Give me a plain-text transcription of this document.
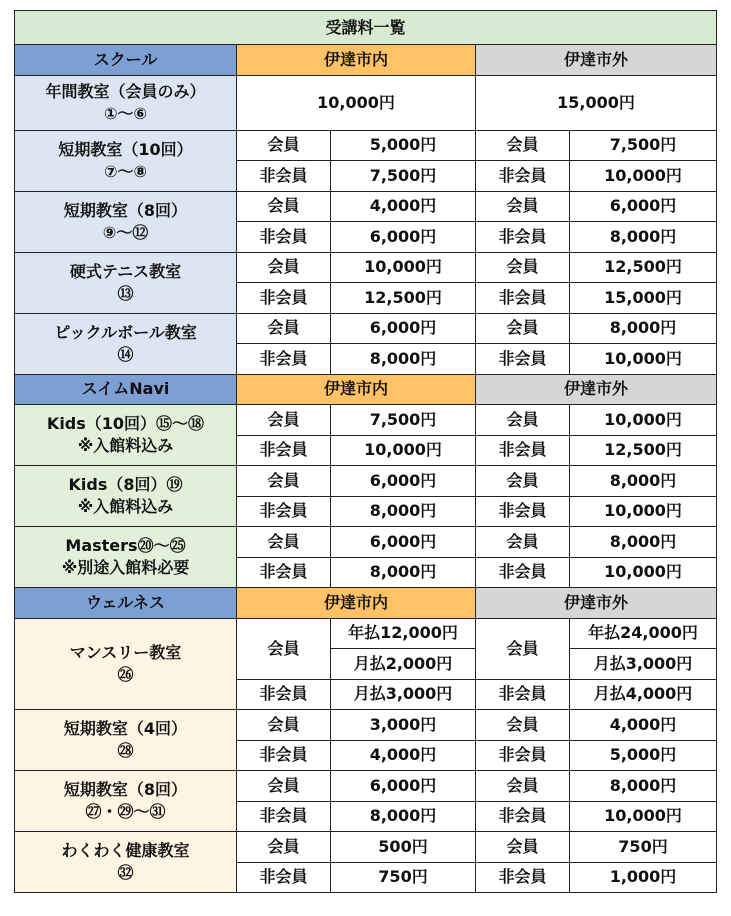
受講料一覧				
スクール	伊達市内		伊達市外	

年間教室（会員のみ）
①〜⑥	10,000円		15,000円	

短期教室（10回）
⑦〜⑧	会員	5,000円	会員	7,500円
	非会員	7,500円	非会員	10,000円

短期教室（8回）
⑨〜⑫	会員	4,000円	会員	6,000円
	非会員	6,000円	非会員	8,000円

硬式テニス教室
⑬	会員	10,000円	会員	12,500円
	非会員	12,500円	非会員	15,000円

ピックルボール教室
⑭	会員	6,000円	会員	8,000円
	非会員	8,000円	非会員	10,000円
スイムNavi	伊達市内		伊達市外	

Kids（10回）⑮〜⑱
※入館料込み	会員	7,500円	会員	10,000円
	非会員	10,000円	非会員	12,500円

Kids（8回）⑲
※入館料込み	会員	6,000円	会員	8,000円
	非会員	8,000円	非会員	10,000円

Masters⑳〜㉕
※別途入館料必要	会員	6,000円	会員	8,000円
	非会員	8,000円	非会員	10,000円
ウェルネス	伊達市内		伊達市外	

マンスリー教室
㉖	会員	年払12,000円	会員	年払24,000円
		月払2,000円		月払3,000円
	非会員	月払3,000円	非会員	月払4,000円

短期教室（4回）
㉘	会員	3,000円	会員	4,000円
	非会員	4,000円	非会員	5,000円

短期教室（8回）
㉗・㉙〜㉛	会員	6,000円	会員	8,000円
	非会員	8,000円	非会員	10,000円

わくわく健康教室
㉜	会員	500円	会員	750円
	非会員	750円	非会員	1,000円
